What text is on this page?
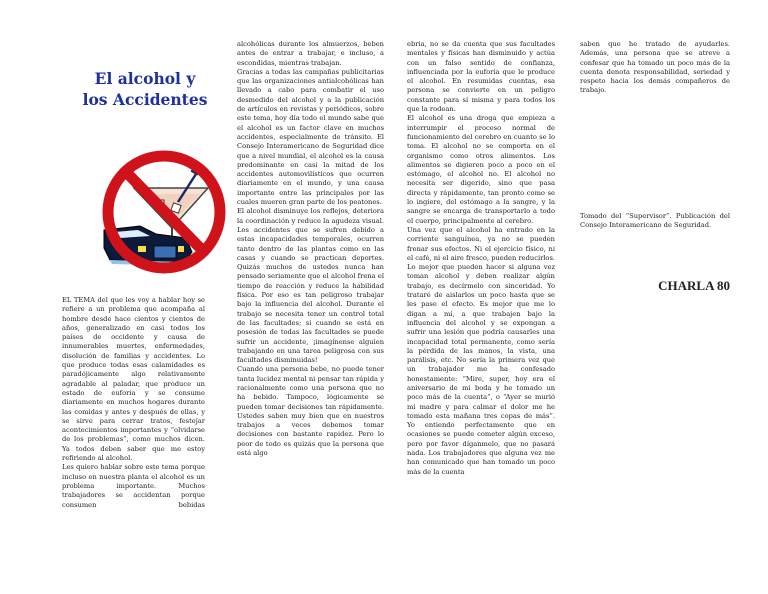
El alcohol y
los Accidentes

EL TEMA del que les voy a hablar hoy se refiere a un problema que acompaña al hombre desde hace cientos y cientos de años, generalizado en casi todos los países de occidente y causa de innumerables muertes, enfermedades, disolución de familias y accidentes. Lo que produce todas esas calamidades es paradójicamente algo relativamente agradable al paladar, que produce un estado de euforia y se consume diariamente en muchos hogares durante las comidas y antes y después de ellas, y se sirve para cerrar tratos, festejar acontecimientos importantes y “olvidarse de los problemas”, como muchos dicen. Ya todos deben saber que me estoy refiriendo al alcohol.

Les quiero hablar sobre este tema porque incluso en nuestra planta el alcohol es un problema importante. Muchos trabajadores se accidentan porque consumen bebidas

alcohólicas durante los almuerzos, beben antes de entrar a trabajar, e incluso, a escondidas, mientras trabajan.

Gracias a todas las campañas publicitarias que las organizaciones antialcohólicas han llevado a cabo para combatir el uso desmedido del alcohol y a la publicación de artículos en revistas y periódicos, sobre este tema, hoy día todo el mundo sabe que el alcohol es un factor clave en muchos accidentes, especialmente de tránsito. El Consejo Interamericano de Seguridad dice que a nivel mundial, el alcohol es la causa predominante en casi la mitad de los accidentes automovilísticos que ocurren diariamente en el mundo, y una causa importante entre las principales por las cuales mueren gran parte de los peatones.

El alcohol disminuye los reflejos, deteriora la coordinación y reduce la agudeza visual. Los accidentes que se sufren debido a estas incapacidades temporales, ocurren tanto dentro de las plantas como en las casas y cuando se practican deportes. Quizás muchos de ustedes nunca han pensado seriamente que el alcohol frena el tiempo de reacción y reduce la habilidad física. Por eso es tan peligroso trabajar bajo la influencia del alcohol. Durante el trabajo se necesita tener un control total de las facultades; si cuando se está en posesión de todas las facultades se puede sufrir un accidente, ¡imagínense alguien trabajando en una tarea peligrosa con sus facultades disminuidas!

Cuando una persona bebe, no puede tener tanta lucidez mental ni pensar tan rápida y racionalmente como una persona que no ha bebido. Tampoco, lógicamente se pueden tomar decisiones tan rápidamente. Ustedes saben muy bien que en nuestros trabajos a veces debemos tomar decisiones con bastante rapidez. Pero lo peor de todo es quizás que la persona que está algo

ebria, no se da cuenta que sus facultades mentales y físicas han disminuido y actúa con un falso sentido de confianza, influenciada por la euforia que le produce el alcohol. En resumidas cuentas, esa persona se convierte en un peligro constante para sí misma y para todos los que la rodean.

El alcohol es una droga que empieza a interrumpir el proceso normal de funcionamiento del cerebro en cuanto se lo toma. El alcohol no se comporta en el organismo como otros alimentos. Los alimentos se digieren poco a poco en el estómago, el alcohol no. El alcohol no necesita ser digerido, sino que pasa directa y rápidamente, tan pronto como se lo ingiere, del estómago a la sangre, y la sangre se encarga de transportarlo a todo el cuerpo, principalmente al cerebro.

Una vez que el alcohol ha entrado en la corriente sanguínea, ya no se pueden frenar sus efectos. Ni el ejercicio físico, ni el café, ni el aire fresco, pueden reducirlos. Lo mejor que pueden hacer si alguna vez toman alcohol y deben realizar algún trabajo, es decírmelo con sinceridad. Yo trataré de aislarlos un poco hasta que se les pase el efecto. Es mejor que me lo digan a mí, a que trabajen bajo la influencia del alcohol y se expongan a sufrir una lesión que podría causarles una incapacidad total permanente, como sería la pérdida de las manos, la vista, una parálisis, etc. No sería la primera vez que un trabajador me ha confesado honestamente: “Mire, super, hoy era el aniversario de mi boda y he tomado un poco más de la cuenta”, o “Ayer se murió mi madre y para calmar el dolor me he tomado esta mañana tres copas de más”. Yo entiendo perfectamente que en ocasiones se puede cometer algún exceso, pero por favor díganmelo, que no pasará nada. Los trabajadores que alguna vez me han comunicado que han tomado un poco más de la cuenta

saben que he tratado de ayudarles. Además, una persona que se atreve a confesar que ha tomado un poco más de la cuenta denota responsabilidad, seriedad y respeto hacia los demás compañeros de trabajo.

Tomado del “Supervisor”. Publicación del Consejo Interamericano de Seguridad.
CHARLA 80
